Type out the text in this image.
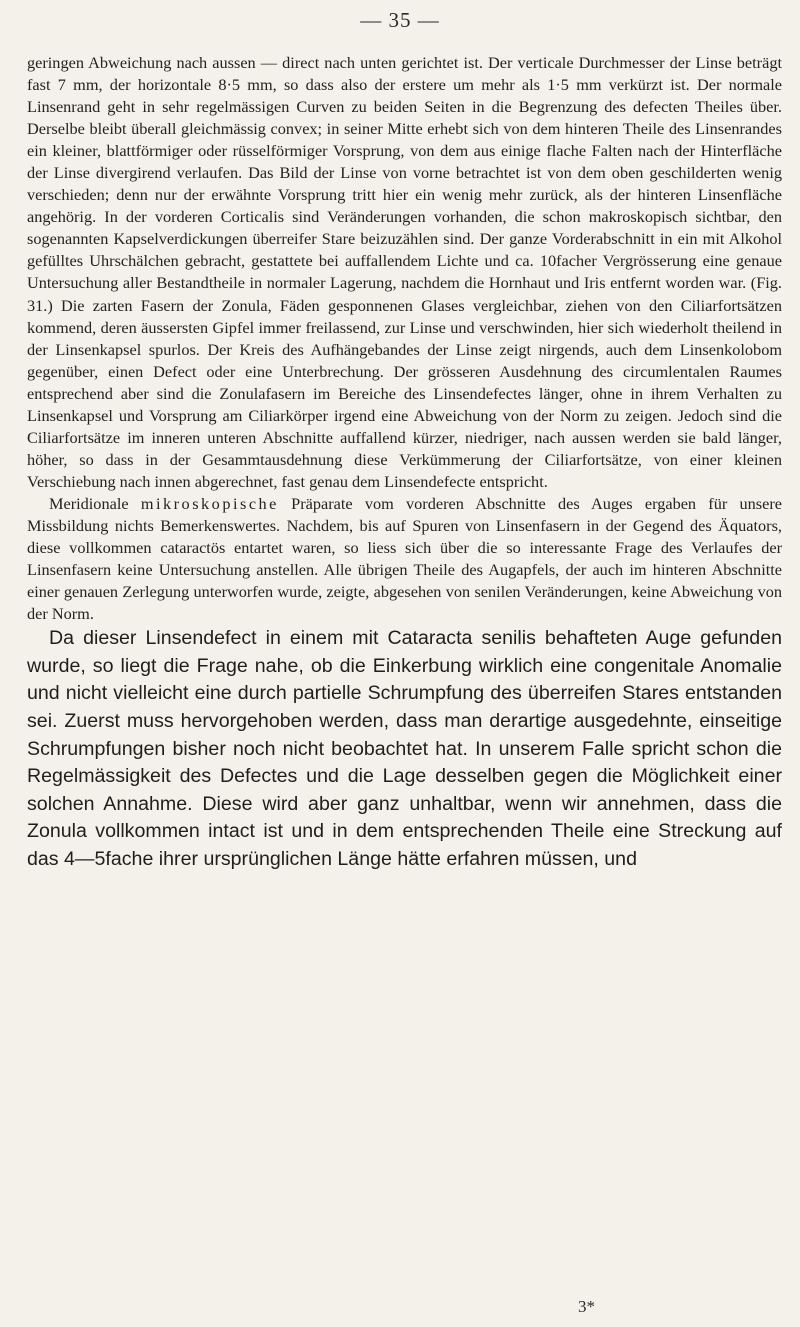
— 35 —

geringen Abweichung nach aussen — direct nach unten gerichtet ist. Der verticale Durchmesser der Linse beträgt fast 7 mm, der horizontale 8·5 mm, so dass also der erstere um mehr als 1·5 mm verkürzt ist. Der normale Linsenrand geht in sehr regelmässigen Curven zu beiden Seiten in die Begrenzung des defecten Theiles über. Derselbe bleibt überall gleichmässig convex; in seiner Mitte erhebt sich von dem hinteren Theile des Linsenrandes ein kleiner, blattförmiger oder rüsselförmiger Vorsprung, von dem aus einige flache Falten nach der Hinterfläche der Linse divergirend verlaufen. Das Bild der Linse von vorne betrachtet ist von dem oben geschilderten wenig verschieden; denn nur der erwähnte Vorsprung tritt hier ein wenig mehr zurück, als der hinteren Linsenfläche angehörig. In der vorderen Corticalis sind Veränderungen vorhanden, die schon makroskopisch sichtbar, den sogenannten Kapselverdickungen überreifer Stare beizuzählen sind. Der ganze Vorderabschnitt in ein mit Alkohol gefülltes Uhrschälchen gebracht, gestattete bei auffallendem Lichte und ca. 10facher Vergrösserung eine genaue Untersuchung aller Bestandtheile in normaler Lagerung, nachdem die Hornhaut und Iris entfernt worden war. (Fig. 31.) Die zarten Fasern der Zonula, Fäden gesponnenen Glases vergleichbar, ziehen von den Ciliarfortsätzen kommend, deren äussersten Gipfel immer freilassend, zur Linse und verschwinden, hier sich wiederholt theilend in der Linsenkapsel spurlos. Der Kreis des Aufhängebandes der Linse zeigt nirgends, auch dem Linsenkolobom gegenüber, einen Defect oder eine Unterbrechung. Der grösseren Ausdehnung des circumlentalen Raumes entsprechend aber sind die Zonulafasern im Bereiche des Linsendefectes länger, ohne in ihrem Verhalten zu Linsenkapsel und Vorsprung am Ciliarkörper irgend eine Abweichung von der Norm zu zeigen. Jedoch sind die Ciliarfortsätze im inneren unteren Abschnitte auffallend kürzer, niedriger, nach aussen werden sie bald länger, höher, so dass in der Gesammtausdehnung diese Verkümmerung der Ciliarfortsätze, von einer kleinen Verschiebung nach innen abgerechnet, fast genau dem Linsendefecte entspricht.

Meridionale mikroskopische Präparate vom vorderen Abschnitte des Auges ergaben für unsere Missbildung nichts Bemerkenswertes. Nachdem, bis auf Spuren von Linsenfasern in der Gegend des Äquators, diese vollkommen cataractös entartet waren, so liess sich über die so interessante Frage des Verlaufes der Linsenfasern keine Untersuchung anstellen. Alle übrigen Theile des Augapfels, der auch im hinteren Abschnitte einer genauen Zerlegung unterworfen wurde, zeigte, abgesehen von senilen Veränderungen, keine Abweichung von der Norm.

Da dieser Linsendefect in einem mit Cataracta senilis behafteten Auge gefunden wurde, so liegt die Frage nahe, ob die Einkerbung wirklich eine congenitale Anomalie und nicht vielleicht eine durch partielle Schrumpfung des überreifen Stares entstanden sei. Zuerst muss hervorgehoben werden, dass man derartige ausgedehnte, einseitige Schrumpfungen bisher noch nicht beobachtet hat. In unserem Falle spricht schon die Regelmässigkeit des Defectes und die Lage desselben gegen die Möglichkeit einer solchen Annahme. Diese wird aber ganz unhaltbar, wenn wir annehmen, dass die Zonula vollkommen intact ist und in dem entsprechenden Theile eine Streckung auf das 4—5fache ihrer ursprünglichen Länge hätte erfahren müssen, und

3*
